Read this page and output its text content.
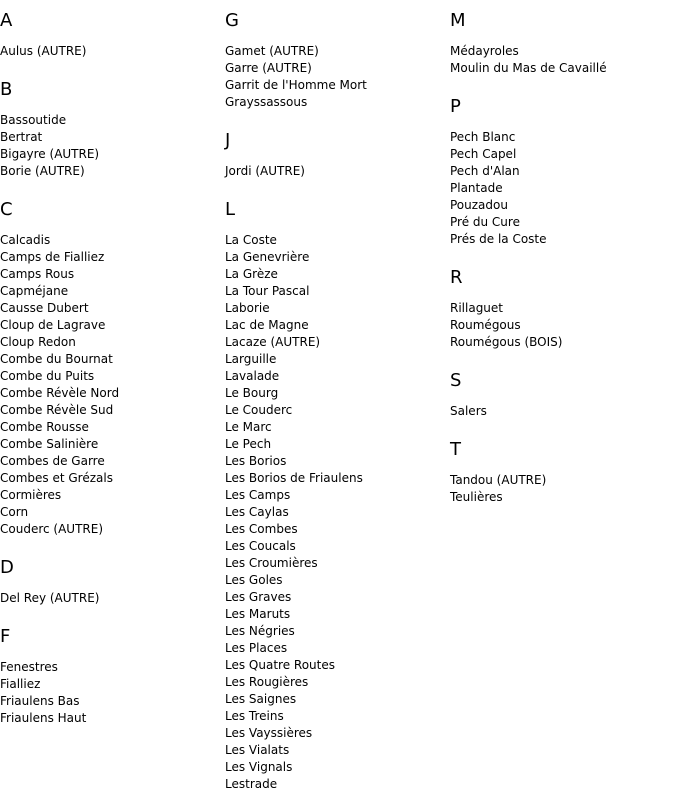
A
Aulus (AUTRE)
B
Bassoutide
Bertrat
Bigayre (AUTRE)
Borie (AUTRE)
C
Calcadis
Camps de Fialliez
Camps Rous
Capméjane
Causse Dubert
Cloup de Lagrave
Cloup Redon
Combe du Bournat
Combe du Puits
Combe Révèle Nord
Combe Révèle Sud
Combe Rousse
Combe Salinière
Combes de Garre
Combes et Grézals
Cormières
Corn
Couderc (AUTRE)
D
Del Rey (AUTRE)
F
Fenestres
Fialliez
Friaulens Bas
Friaulens Haut
G
Gamet (AUTRE)
Garre (AUTRE)
Garrit de l'Homme Mort
Grayssassous
J
Jordi (AUTRE)
L
La Coste
La Genevrière
La Grèze
La Tour Pascal
Laborie
Lac de Magne
Lacaze (AUTRE)
Larguille
Lavalade
Le Bourg
Le Couderc
Le Marc
Le Pech
Les Borios
Les Borios de Friaulens
Les Camps
Les Caylas
Les Combes
Les Coucals
Les Croumières
Les Goles
Les Graves
Les Maruts
Les Négries
Les Places
Les Quatre Routes
Les Rougières
Les Saignes
Les Treins
Les Vayssières
Les Vialats
Les Vignals
Lestrade
M
Médayroles
Moulin du Mas de Cavaillé
P
Pech Blanc
Pech Capel
Pech d'Alan
Plantade
Pouzadou
Pré du Cure
Prés de la Coste
R
Rillaguet
Roumégous
Roumégous (BOIS)
S
Salers
T
Tandou (AUTRE)
Teulières
